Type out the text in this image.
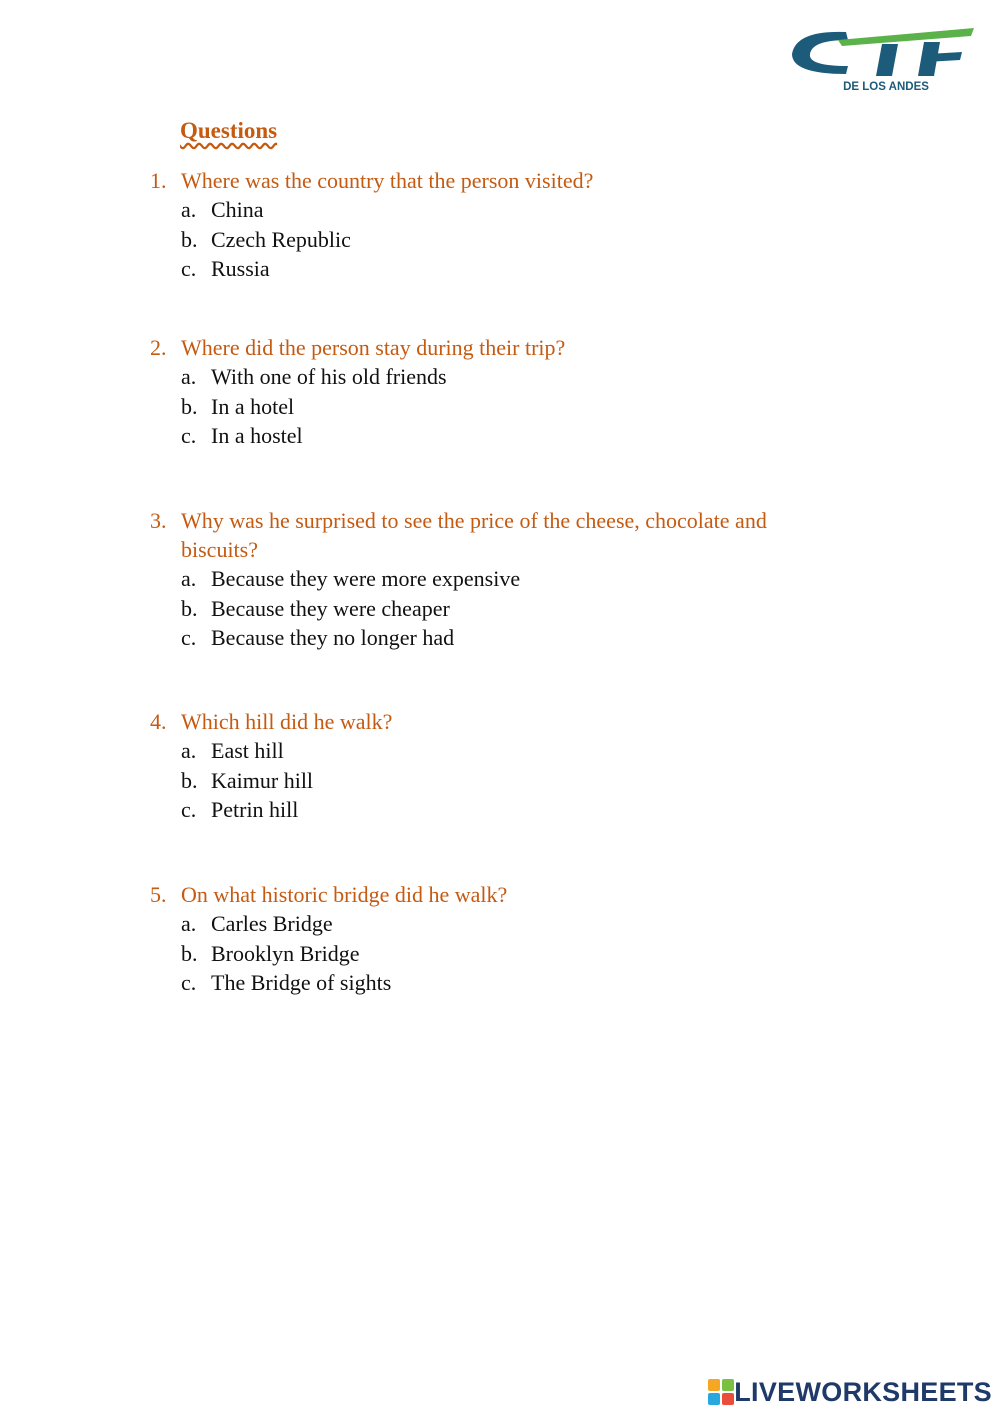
DE LOS ANDES
Questions
1. Where was the country that the person visited?
a. China
b. Czech Republic
c. Russia
2. Where did the person stay during their trip?
a. With one of his old friends
b. In a hotel
c. In a hostel
3. Why was he surprised to see the price of the cheese, chocolate and biscuits?
a. Because they were more expensive
b. Because they were cheaper
c. Because they no longer had
4. Which hill did he walk?
a. East hill
b. Kaimur hill
c. Petrin hill
5. On what historic bridge did he walk?
a. Carles Bridge
b. Brooklyn Bridge
c. The Bridge of sights
LIVEWORKSHEETS
